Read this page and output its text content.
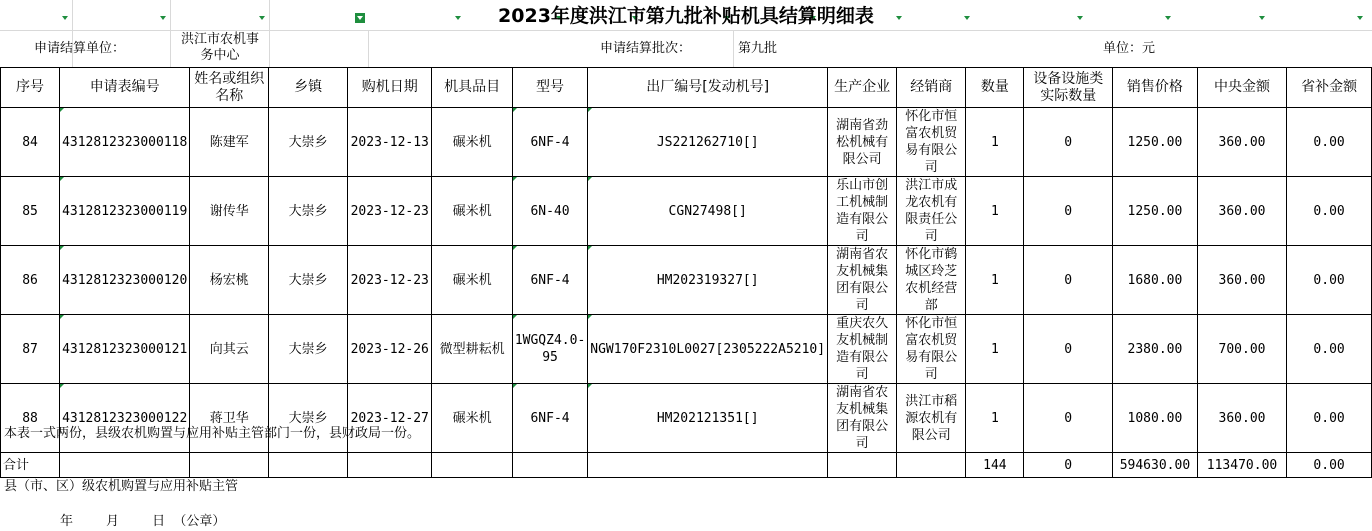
2023年度洪江市第九批补贴机具结算明细表
申请结算单位：
洪江市农机事务中心	申请结算批次：	第九批	单位：元
序号	申请表编号	姓名或组织名称	乡镇	购机日期	机具品目	型号	出厂编号[发动机号]	生产企业	经销商	数量	设备设施类实际数量	销售价格	中央金额	省补金额
84	4312812323000118	陈建军	大崇乡	2023-12-13	碾米机	6NF-4	JS221262710[]	湖南省劲松机械有限公司	怀化市恒富农机贸易有限公司	1	0	1250.00	360.00	0.00
85	4312812323000119	谢传华	大崇乡	2023-12-23	碾米机	6N-40	CGN27498[]	乐山市创工机械制造有限公司	洪江市成龙农机有限责任公司	1	0	1250.00	360.00	0.00
86	4312812323000120	杨宏桃	大崇乡	2023-12-23	碾米机	6NF-4	HM202319327[]	湖南省农友机械集团有限公司	怀化市鹤城区玲芝农机经营部	1	0	1680.00	360.00	0.00
87	4312812323000121	向其云	大崇乡	2023-12-26	微型耕耘机	1WGQZ4.0-95	NGW170F2310L0027[2305222A5210]	重庆农久友机械制造有限公司	怀化市恒富农机贸易有限公司	1	0	2380.00	700.00	0.00
88	4312812323000122	蒋卫华	大崇乡	2023-12-27	碾米机	6NF-4	HM202121351[]	湖南省农友机械集团有限公司	洪江市稻源农机有限公司	1	0	1080.00	360.00	0.00
合计										144	0	594630.00	113470.00	0.00
本表一式两份，县级农机购置与应用补贴主管部门一份，县财政局一份。
县（市、区）级农机购置与应用补贴主管
年        月        日  （公章）
